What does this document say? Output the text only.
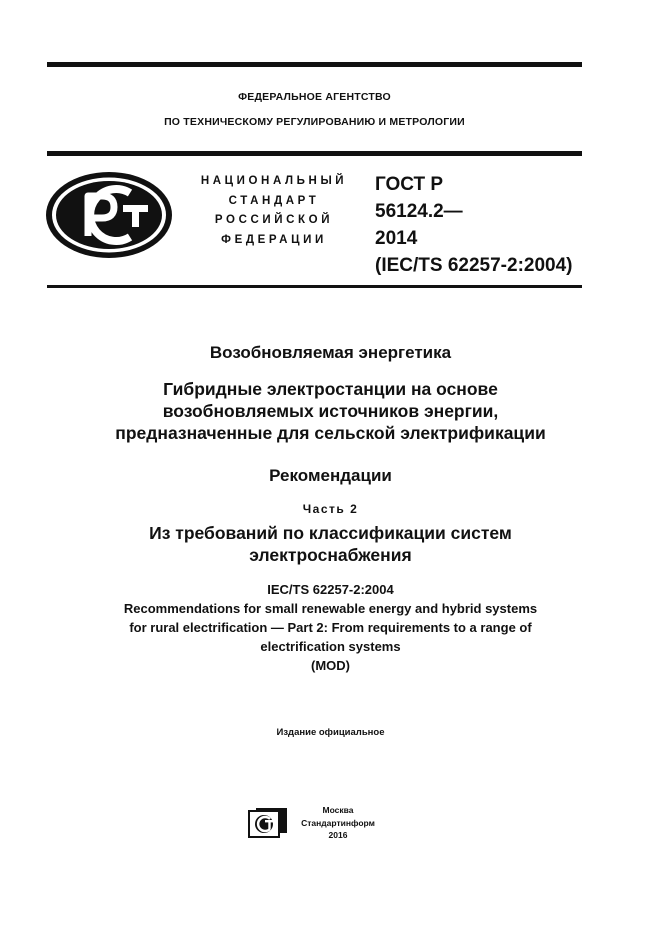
ФЕДЕРАЛЬНОЕ АГЕНТСТВО
ПО ТЕХНИЧЕСКОМУ РЕГУЛИРОВАНИЮ И МЕТРОЛОГИИ
НАЦИОНАЛЬНЫЙ
СТАНДАРТ
РОССИЙСКОЙ
ФЕДЕРАЦИИ
ГОСТ Р
56124.2—
2014
(IEC/TS 62257-2:2004)
Возобновляемая энергетика
Гибридные электростанции на основе
возобновляемых источников энергии,
предназначенные для сельской электрификации
Рекомендации
Часть 2
Из требований по классификации систем
электроснабжения
IEC/TS 62257-2:2004
Recommendations for small renewable energy and hybrid systems
for rural electrification — Part 2: From requirements to a range of
electrification systems
(MOD)
Издание официальное
Москва
Стандартинформ
2016
